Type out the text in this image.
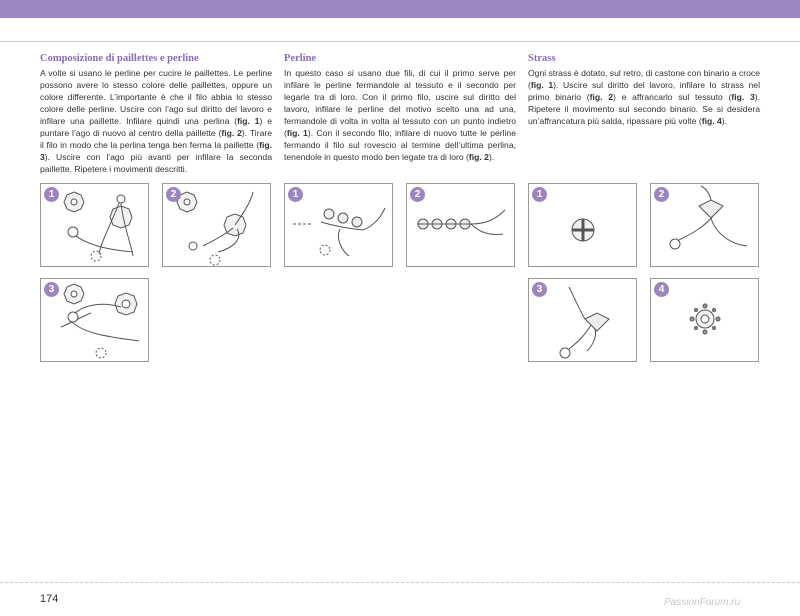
Composizione di paillettes e perline
A volte si usano le perline per cucire le paillettes. Le perline possono avere lo stesso colore delle paillettes, oppure un colore differente. L’importante è che il filo abbia lo stesso colore delle perline. Uscire con l’ago sul diritto del lavoro e infilare una paillette. Infilare quindi una perlina (fig. 1) e puntare l’ago di nuovo al centro della paillette (fig. 2). Tirare il filo in modo che la perlina tenga ben ferma la paillette (fig. 3). Uscire con l’ago più avanti per infilare la seconda paillette. Ripetere i movimenti descritti.
Perline
In questo caso si usano due fili, di cui il primo serve per infilare le perline fermandole al tessuto e il secondo per legarle tra di loro. Con il primo filo, uscire sul diritto del lavoro, infilare le perline del motivo scelto una ad una, fermandole di volta in volta al tessuto con un punto indietro (fig. 1). Con il secondo filo, infilare di nuovo tutte le perline fermando il filo sul rovescio al termine dell’ultima perlina, tenendole in questo modo ben legate tra di loro (fig. 2).
Strass
Ogni strass è dotato, sul retro, di castone con binario a croce (fig. 1). Uscire sul diritto del lavoro, infilare lo strass nel primo binario (fig. 2) e affrancarlo sul tessuto (fig. 3). Ripetere il movimento sul secondo binario. Se si desidera un’affrancatura più salda, ripassare più volte (fig. 4).
1	2
3
1	2	1	2
3	4
174	PassionForum.ru
